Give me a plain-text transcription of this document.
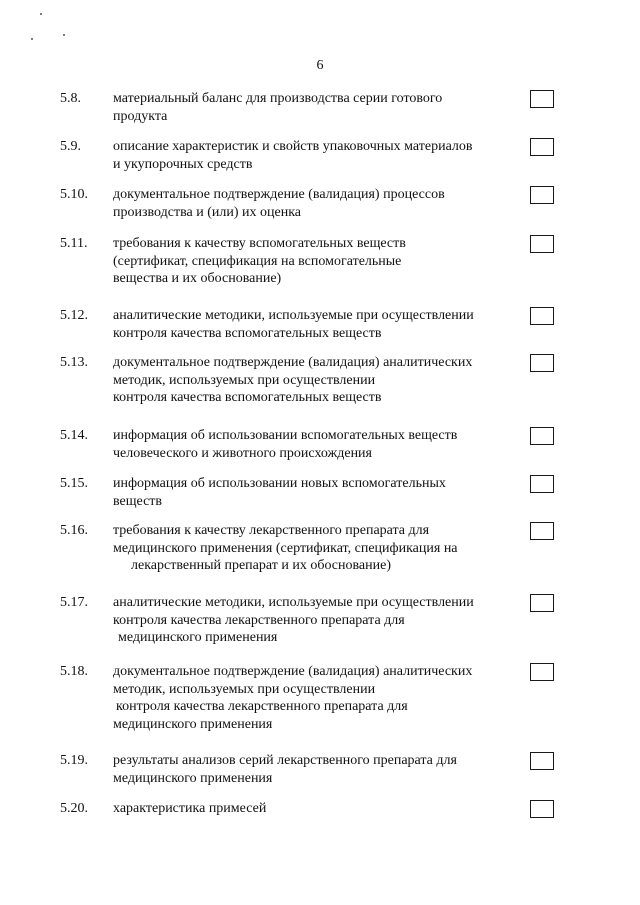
6
5.8. материальный баланс для производства серии готового
продукта
5.9. описание характеристик и свойств упаковочных материалов
и укупорочных средств
5.10. документальное подтверждение (валидация) процессов
производства и (или) их оценка
5.11. требования к качеству вспомогательных веществ
(сертификат, спецификация на вспомогательные
вещества и их обоснование)
5.12. аналитические методики, используемые при осуществлении
контроля качества вспомогательных веществ
5.13. документальное подтверждение (валидация) аналитических
методик, используемых при осуществлении
контроля качества вспомогательных веществ
5.14. информация об использовании вспомогательных веществ
человеческого и животного происхождения
5.15. информация об использовании новых вспомогательных
веществ
5.16. требования к качеству лекарственного препарата для
медицинского применения (сертификат, спецификация на
лекарственный препарат и их обоснование)
5.17. аналитические методики, используемые при осуществлении
контроля качества лекарственного препарата для
медицинского применения
5.18. документальное подтверждение (валидация) аналитических
методик, используемых при осуществлении
контроля качества лекарственного препарата для
медицинского применения
5.19. результаты анализов серий лекарственного препарата для
медицинского применения
5.20. характеристика примесей
